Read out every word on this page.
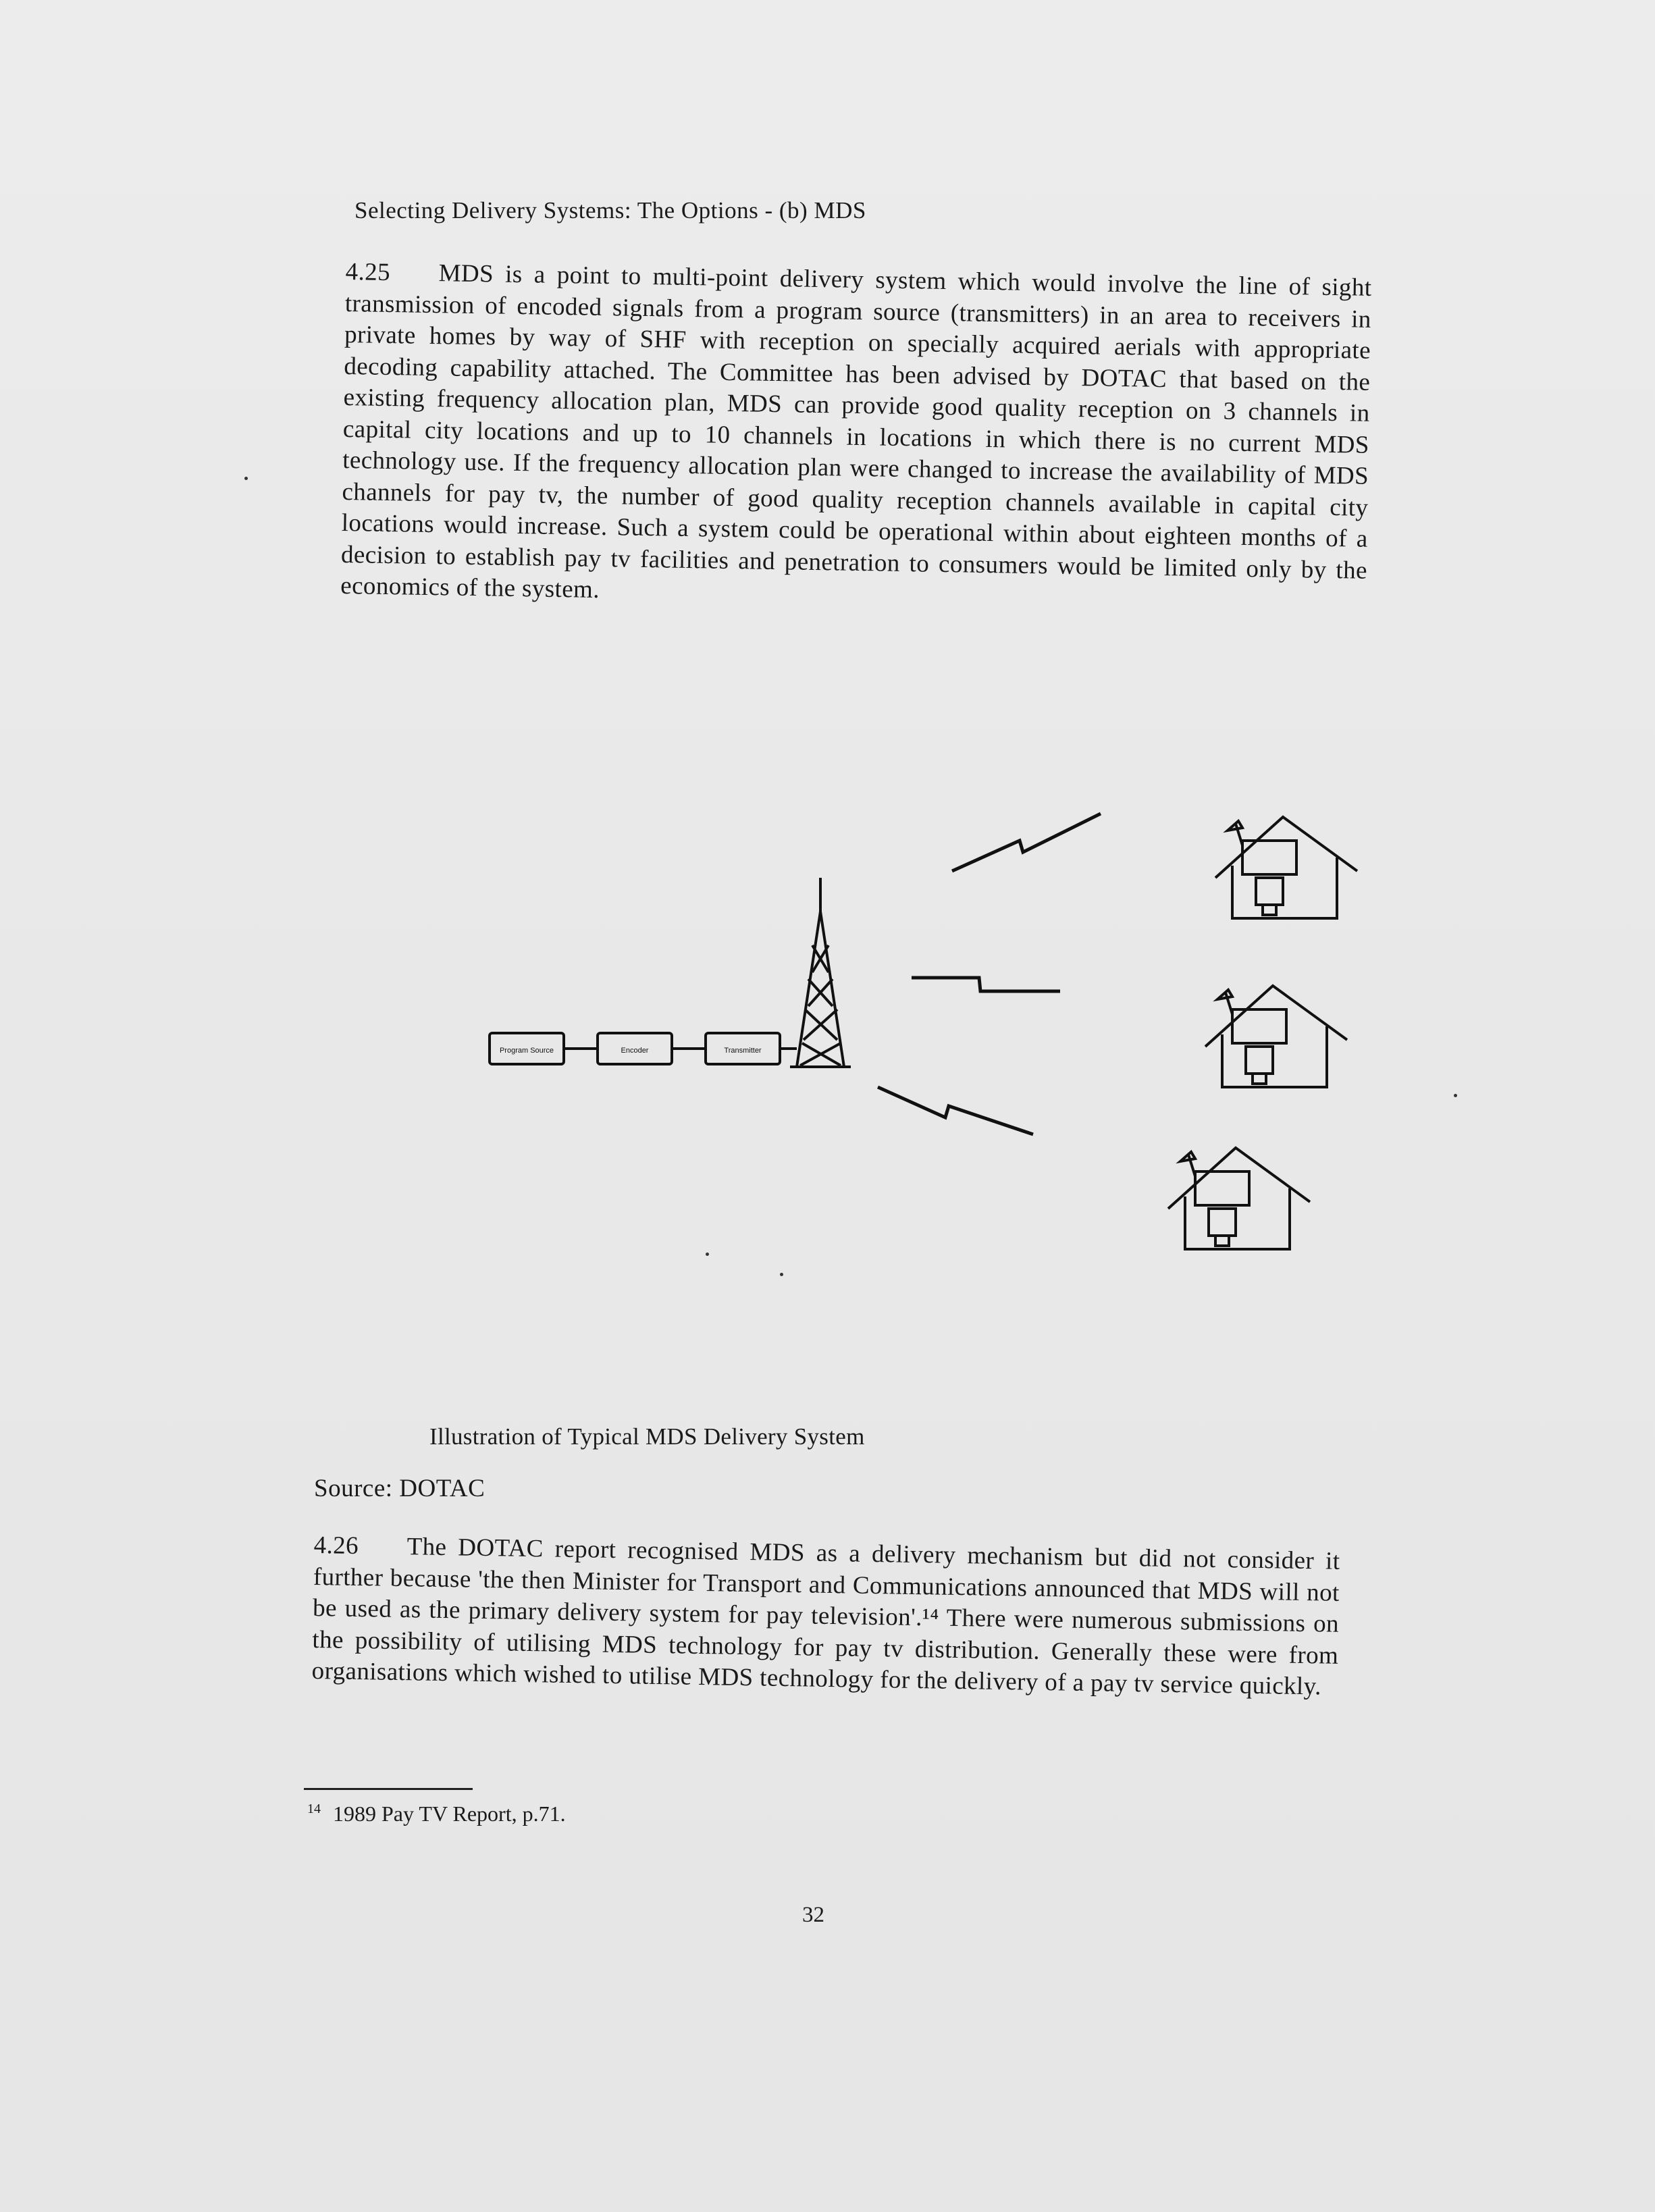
Selecting Delivery Systems: The Options - (b) MDS
4.25 MDS is a point to multi-point delivery system which would involve the line of sight transmission of encoded signals from a program source (transmitters) in an area to receivers in private homes by way of SHF with reception on specially acquired aerials with appropriate decoding capability attached. The Committee has been advised by DOTAC that based on the existing frequency allocation plan, MDS can provide good quality reception on 3 channels in capital city locations and up to 10 channels in locations in which there is no current MDS technology use. If the frequency allocation plan were changed to increase the availability of MDS channels for pay tv, the number of good quality reception channels available in capital city locations would increase. Such a system could be operational within about eighteen months of a decision to establish pay tv facilities and penetration to consumers would be limited only by the economics of the system.
Program Source	Encoder	Transmitter
Illustration of Typical MDS Delivery System
Source: DOTAC
4.26 The DOTAC report recognised MDS as a delivery mechanism but did not consider it further because 'the then Minister for Transport and Communications announced that MDS will not be used as the primary delivery system for pay television'.¹⁴ There were numerous submissions on the possibility of utilising MDS technology for pay tv distribution. Generally these were from organisations which wished to utilise MDS technology for the delivery of a pay tv service quickly.
$^{14}$ 1989 Pay TV Report, p.71.
32
